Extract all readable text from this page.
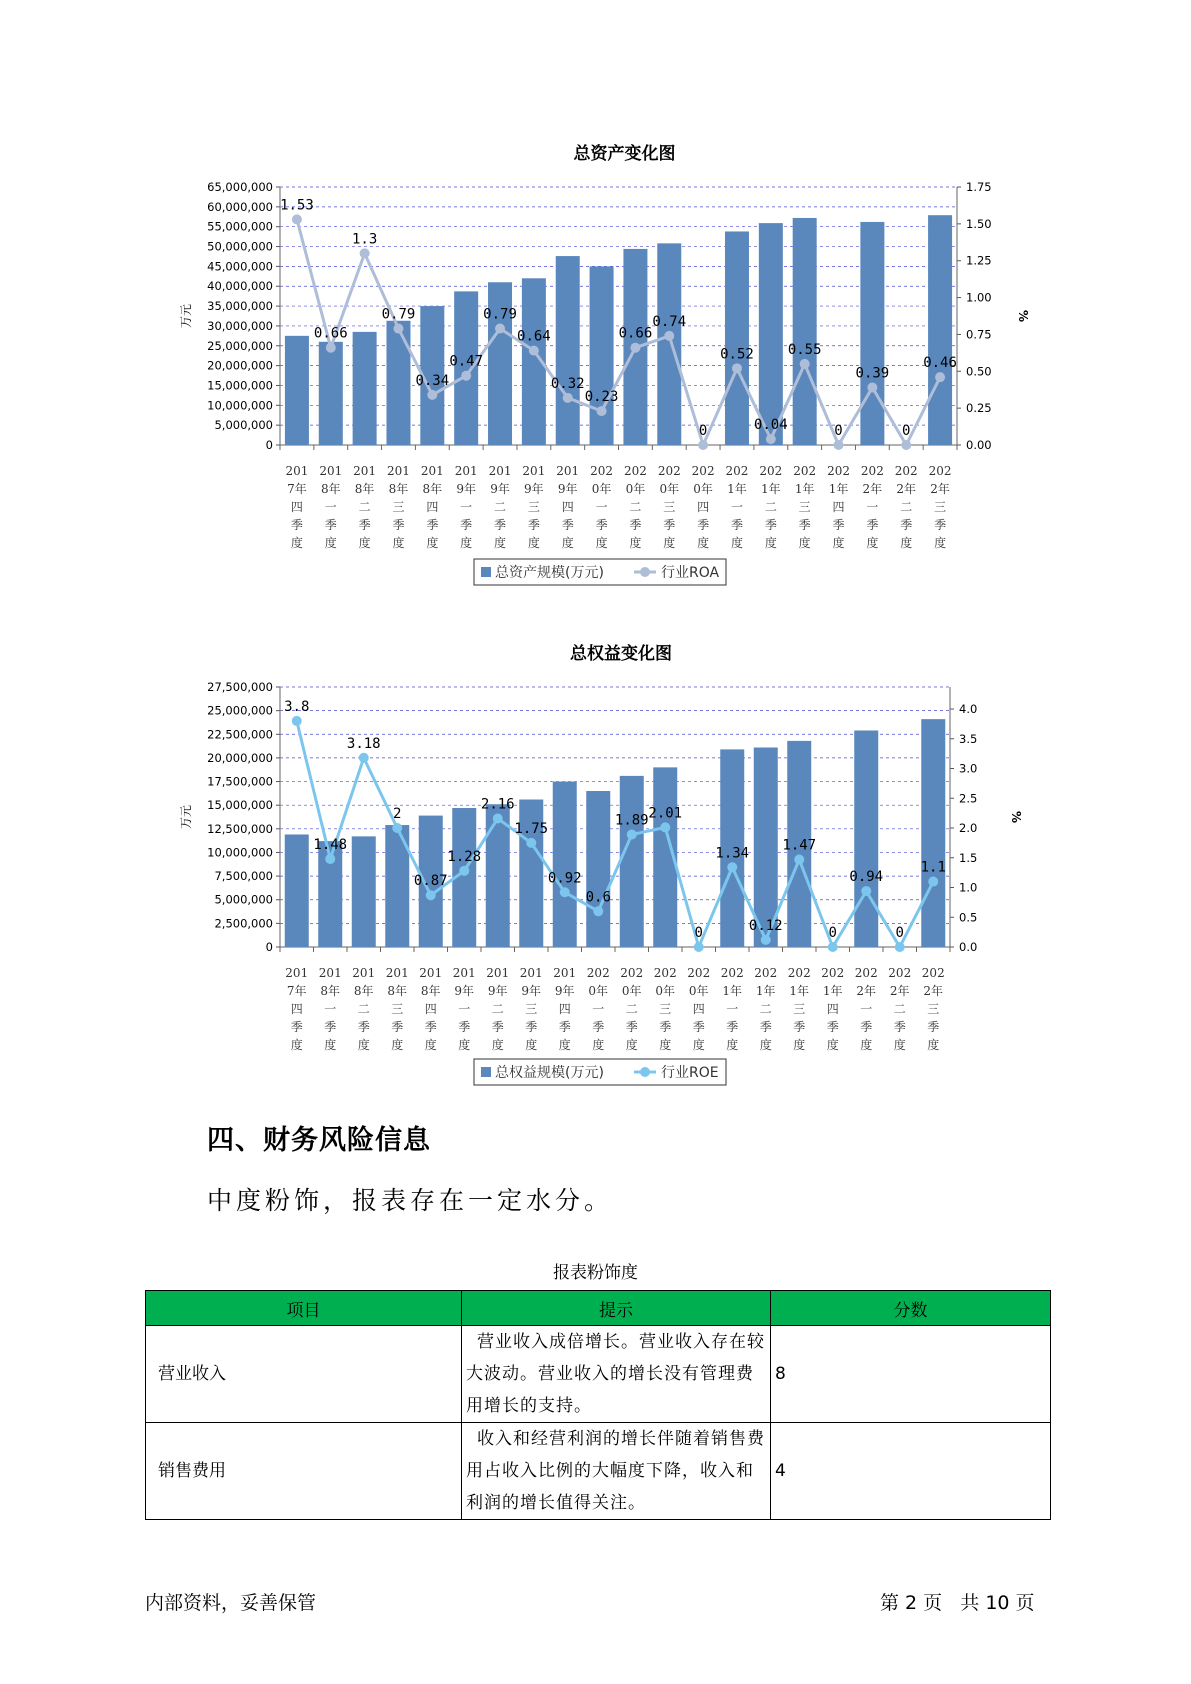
总资产变化图
0
5,000,000
10,000,000
15,000,000
20,000,000
25,000,000
30,000,000
35,000,000
40,000,000
45,000,000
50,000,000
55,000,000
60,000,000
65,000,000
0.00
0.25
0.50
0.75
1.00
1.25
1.50
1.75
万元	%
1.53
0.66
1.3
0.79
0.34
0.47
0.79
0.64
0.32
0.23
0.66
0.74
0
0.52
0.04
0.55
0
0.39
0
0.46
201
7年
四
季
度
201
8年
一
季
度
201
8年
二
季
度
201
8年
三
季
度
201
8年
四
季
度
201
9年
一
季
度
201
9年
二
季
度
201
9年
三
季
度
201
9年
四
季
度
202
0年
一
季
度
202
0年
二
季
度
202
0年
三
季
度
202
0年
四
季
度
202
1年
一
季
度
202
1年
二
季
度
202
1年
三
季
度
202
1年
四
季
度
202
2年
一
季
度
202
2年
二
季
度
202
2年
三
季
度
总资产规模(万元)	行业ROA
总权益变化图
0
2,500,000
5,000,000
7,500,000
10,000,000
12,500,000
15,000,000
17,500,000
20,000,000
22,500,000
25,000,000
27,500,000
0.0
0.5
1.0
1.5
2.0
2.5
3.0
3.5
4.0
万元	%
3.8
1.48
3.18
2
0.87
1.28
2.16
1.75
0.92
0.6
1.89 2.01
0
1.34
0.12
1.47
0
0.94
0
1.1
201
7年
四
季
度
201
8年
一
季
度
201
8年
二
季
度
201
8年
三
季
度
201
8年
四
季
度
201
9年
一
季
度
201
9年
二
季
度
201
9年
三
季
度
201
9年
四
季
度
202
0年
一
季
度
202
0年
二
季
度
202
0年
三
季
度
202
0年
四
季
度
202
1年
一
季
度
202
1年
二
季
度
202
1年
三
季
度
202
1年
四
季
度
202
2年
一
季
度
202
2年
二
季
度
202
2年
三
季
度
总权益规模(万元)	行业ROE
四、财务风险信息

中度粉饰，报表存在一定水分。

报表粉饰度
项目	提示	分数
营业收入	营业收入成倍增长。营业收入存在较大波动。营业收入的增长没有管理费用增长的支持。	8
销售费用	收入和经营利润的增长伴随着销售费用占收入比例的大幅度下降，收入和利润的增长值得关注。	4
内部资料，妥善保管	第 2 页   共 10 页
